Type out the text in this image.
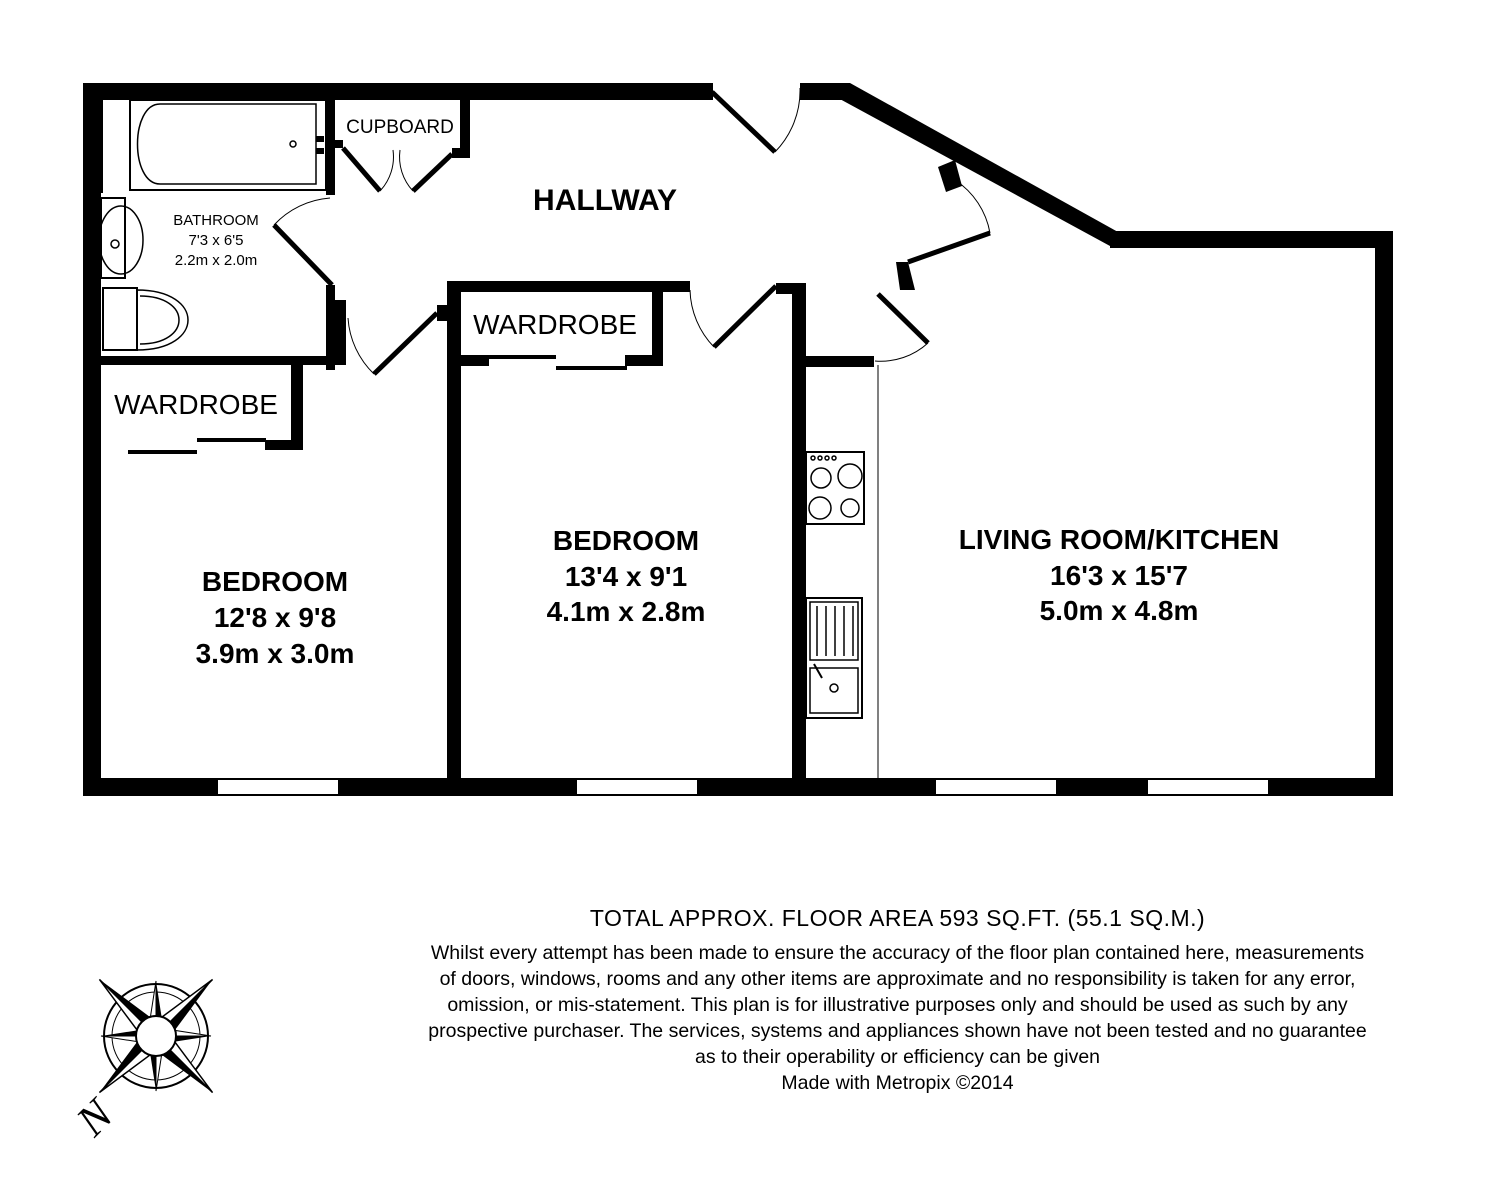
HALLWAY
CUPBOARD
BATHROOM
7'3 x 6'5
2.2m x 2.0m
WARDROBE
WARDROBE
BEDROOM
12'8 x 9'8
3.9m x 3.0m
BEDROOM
13'4 x 9'1
4.1m x 2.8m
LIVING ROOM/KITCHEN
16'3 x 15'7
5.0m x 4.8m
N
TOTAL APPROX. FLOOR AREA 593 SQ.FT. (55.1 SQ.M.)
Whilst every attempt has been made to ensure the accuracy of the floor plan contained here, measurements
of doors, windows, rooms and any other items are approximate and no responsibility is taken for any error,
omission, or mis-statement. This plan is for illustrative purposes only and should be used as such by any
prospective purchaser. The services, systems and appliances shown have not been tested and no guarantee
as to their operability or efficiency can be given
Made with Metropix ©2014
